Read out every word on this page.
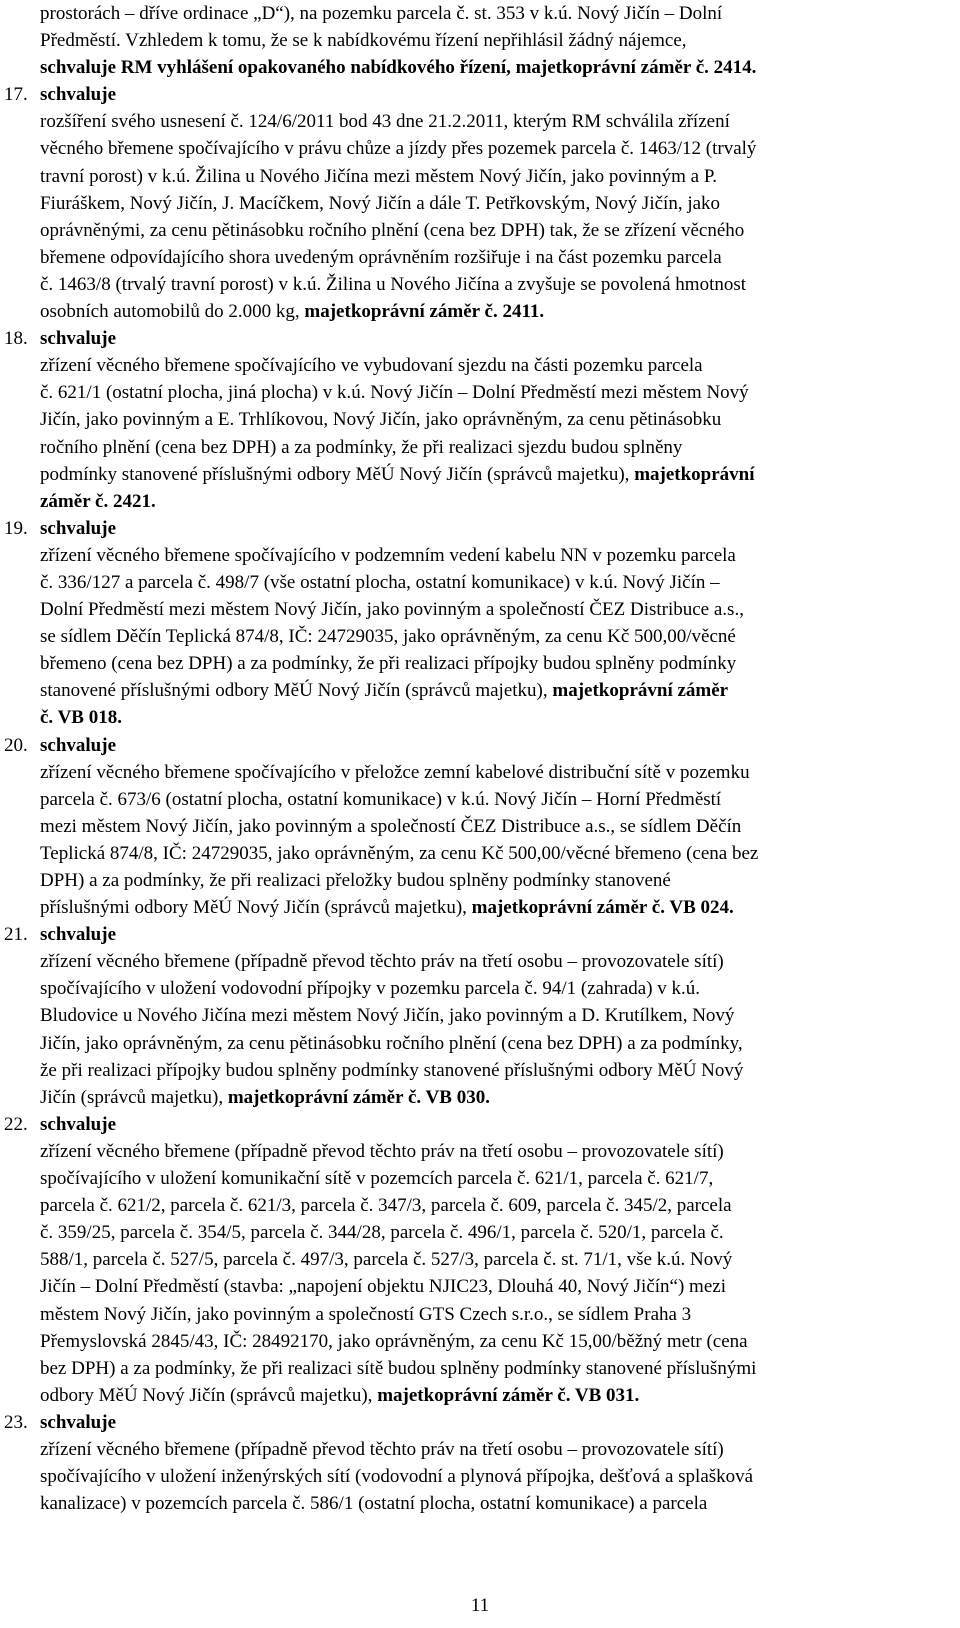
prostorách – dříve ordinace „D“), na pozemku parcela č. st. 353 v k.ú. Nový Jičín – Dolní

Předměstí. Vzhledem k tomu, že se k nabídkovému řízení nepřihlásil žádný nájemce,

schvaluje RM vyhlášení opakovaného nabídkového řízení, majetkoprávní záměr č. 2414.

17. schvaluje

rozšíření svého usnesení č. 124/6/2011 bod 43 dne 21.2.2011, kterým RM schválila zřízení

věcného břemene spočívajícího v právu chůze a jízdy přes pozemek parcela č. 1463/12 (trvalý

travní porost) v k.ú. Žilina u Nového Jičína mezi městem Nový Jičín, jako povinným a P.

Fiuráškem, Nový Jičín, J. Macíčkem, Nový Jičín a dále T. Petřkovským, Nový Jičín, jako

oprávněnými, za cenu pětinásobku ročního plnění (cena bez DPH) tak, že se zřízení věcného

břemene odpovídajícího shora uvedeným oprávněním rozšiřuje i na část pozemku parcela

č. 1463/8 (trvalý travní porost) v k.ú. Žilina u Nového Jičína a zvyšuje se povolená hmotnost

osobních automobilů do 2.000 kg, majetkoprávní záměr č. 2411.

18. schvaluje

zřízení věcného břemene spočívajícího ve vybudovaní sjezdu na části pozemku parcela

č. 621/1 (ostatní plocha, jiná plocha) v k.ú. Nový Jičín – Dolní Předměstí mezi městem Nový

Jičín, jako povinným a E. Trhlíkovou, Nový Jičín, jako oprávněným, za cenu pětinásobku

ročního plnění (cena bez DPH) a za podmínky, že při realizaci sjezdu budou splněny

podmínky stanovené příslušnými odbory MěÚ Nový Jičín (správců majetku), majetkoprávní

záměr č. 2421.

19. schvaluje

zřízení věcného břemene spočívajícího v podzemním vedení kabelu NN v pozemku parcela

č. 336/127 a parcela č. 498/7 (vše ostatní plocha, ostatní komunikace) v k.ú. Nový Jičín –

Dolní Předměstí mezi městem Nový Jičín, jako povinným a společností ČEZ Distribuce a.s.,

se sídlem Děčín Teplická 874/8, IČ: 24729035, jako oprávněným, za cenu Kč 500,00/věcné

břemeno (cena bez DPH) a za podmínky, že při realizaci přípojky budou splněny podmínky

stanovené příslušnými odbory MěÚ Nový Jičín (správců majetku), majetkoprávní záměr

č. VB 018.

20. schvaluje

zřízení věcného břemene spočívajícího v přeložce zemní kabelové distribuční sítě v pozemku

parcela č. 673/6 (ostatní plocha, ostatní komunikace) v k.ú. Nový Jičín – Horní Předměstí

mezi městem Nový Jičín, jako povinným a společností ČEZ Distribuce a.s., se sídlem Děčín

Teplická 874/8, IČ: 24729035, jako oprávněným, za cenu Kč 500,00/věcné břemeno (cena bez

DPH) a za podmínky, že při realizaci přeložky budou splněny podmínky stanovené

příslušnými odbory MěÚ Nový Jičín (správců majetku), majetkoprávní záměr č. VB 024.

21. schvaluje

zřízení věcného břemene (případně převod těchto práv na třetí osobu – provozovatele sítí)

spočívajícího v uložení vodovodní přípojky v pozemku parcela č. 94/1 (zahrada) v k.ú.

Bludovice u Nového Jičína mezi městem Nový Jičín, jako povinným a D. Krutílkem, Nový

Jičín, jako oprávněným, za cenu pětinásobku ročního plnění (cena bez DPH) a za podmínky,

že při realizaci přípojky budou splněny podmínky stanovené příslušnými odbory MěÚ Nový

Jičín (správců majetku), majetkoprávní záměr č. VB 030.

22. schvaluje

zřízení věcného břemene (případně převod těchto práv na třetí osobu – provozovatele sítí)

spočívajícího v uložení komunikační sítě v pozemcích parcela č. 621/1, parcela č. 621/7,

parcela č. 621/2, parcela č. 621/3, parcela č. 347/3, parcela č. 609, parcela č. 345/2, parcela

č. 359/25, parcela č. 354/5, parcela č. 344/28, parcela č. 496/1, parcela č. 520/1, parcela č.

588/1, parcela č. 527/5, parcela č. 497/3, parcela č. 527/3, parcela č. st. 71/1, vše k.ú. Nový

Jičín – Dolní Předměstí (stavba: „napojení objektu NJIC23, Dlouhá 40, Nový Jičín“) mezi

městem Nový Jičín, jako povinným a společností GTS Czech s.r.o., se sídlem Praha 3

Přemyslovská 2845/43, IČ: 28492170, jako oprávněným, za cenu Kč 15,00/běžný metr (cena

bez DPH) a za podmínky, že při realizaci sítě budou splněny podmínky stanovené příslušnými

odbory MěÚ Nový Jičín (správců majetku), majetkoprávní záměr č. VB 031.

23. schvaluje

zřízení věcného břemene (případně převod těchto práv na třetí osobu – provozovatele sítí)

spočívajícího v uložení inženýrských sítí (vodovodní a plynová přípojka, dešťová a splašková

kanalizace) v pozemcích parcela č. 586/1 (ostatní plocha, ostatní komunikace) a parcela

11
